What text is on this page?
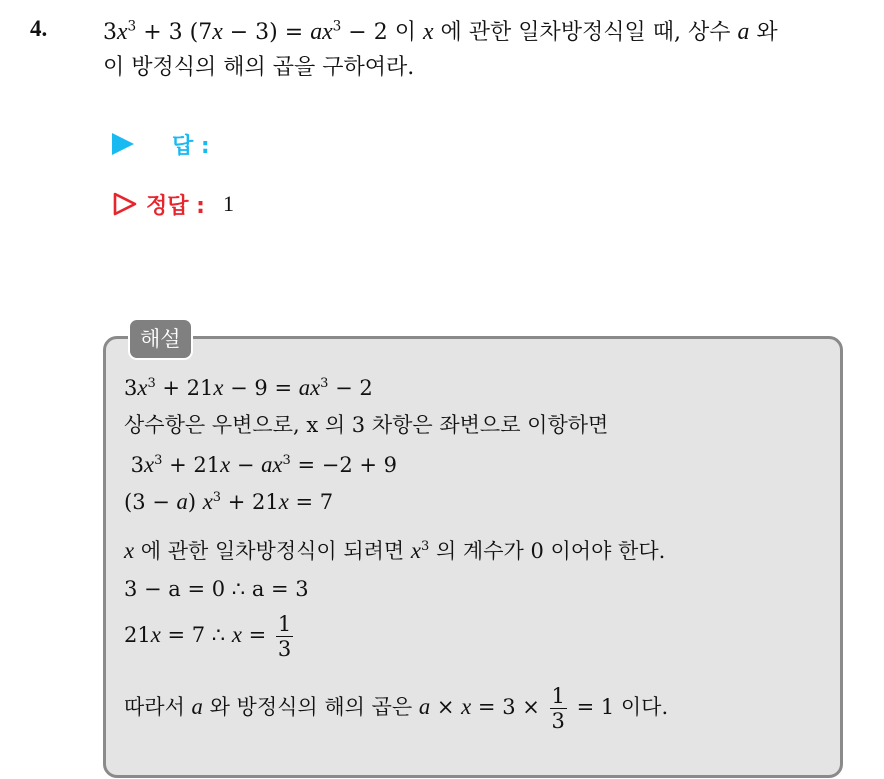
4.	$3x^3 + 3$ $(7x - 3) = ax^3 - 2$ 이 x 에 관한 일차방정식일 때, 상수 a 와
이 방정식의 해의 곱을 구하여라.
답 :
정답 : 1
해설
$3x^3 + 21x - 9 = ax^3 - 2$
상수항은 우변으로, x 의 3 차항은 좌변으로 이항하면
$3x^3 + 21x - ax^3 = -2 + 9$
(3 − a) $x^3 + 21x = 7$
x 에 관한 일차방정식이 되려면 $x^3$ 의 계수가 0 이어야 한다.
3 − a = 0 ∴ a = 3
21x = 7 ∴ $x = \frac{1}{3}$
따라서 a 와 방정식의 해의 곱은 $a \times x = 3 \times \frac{1}{3} = 1$ 이다.
